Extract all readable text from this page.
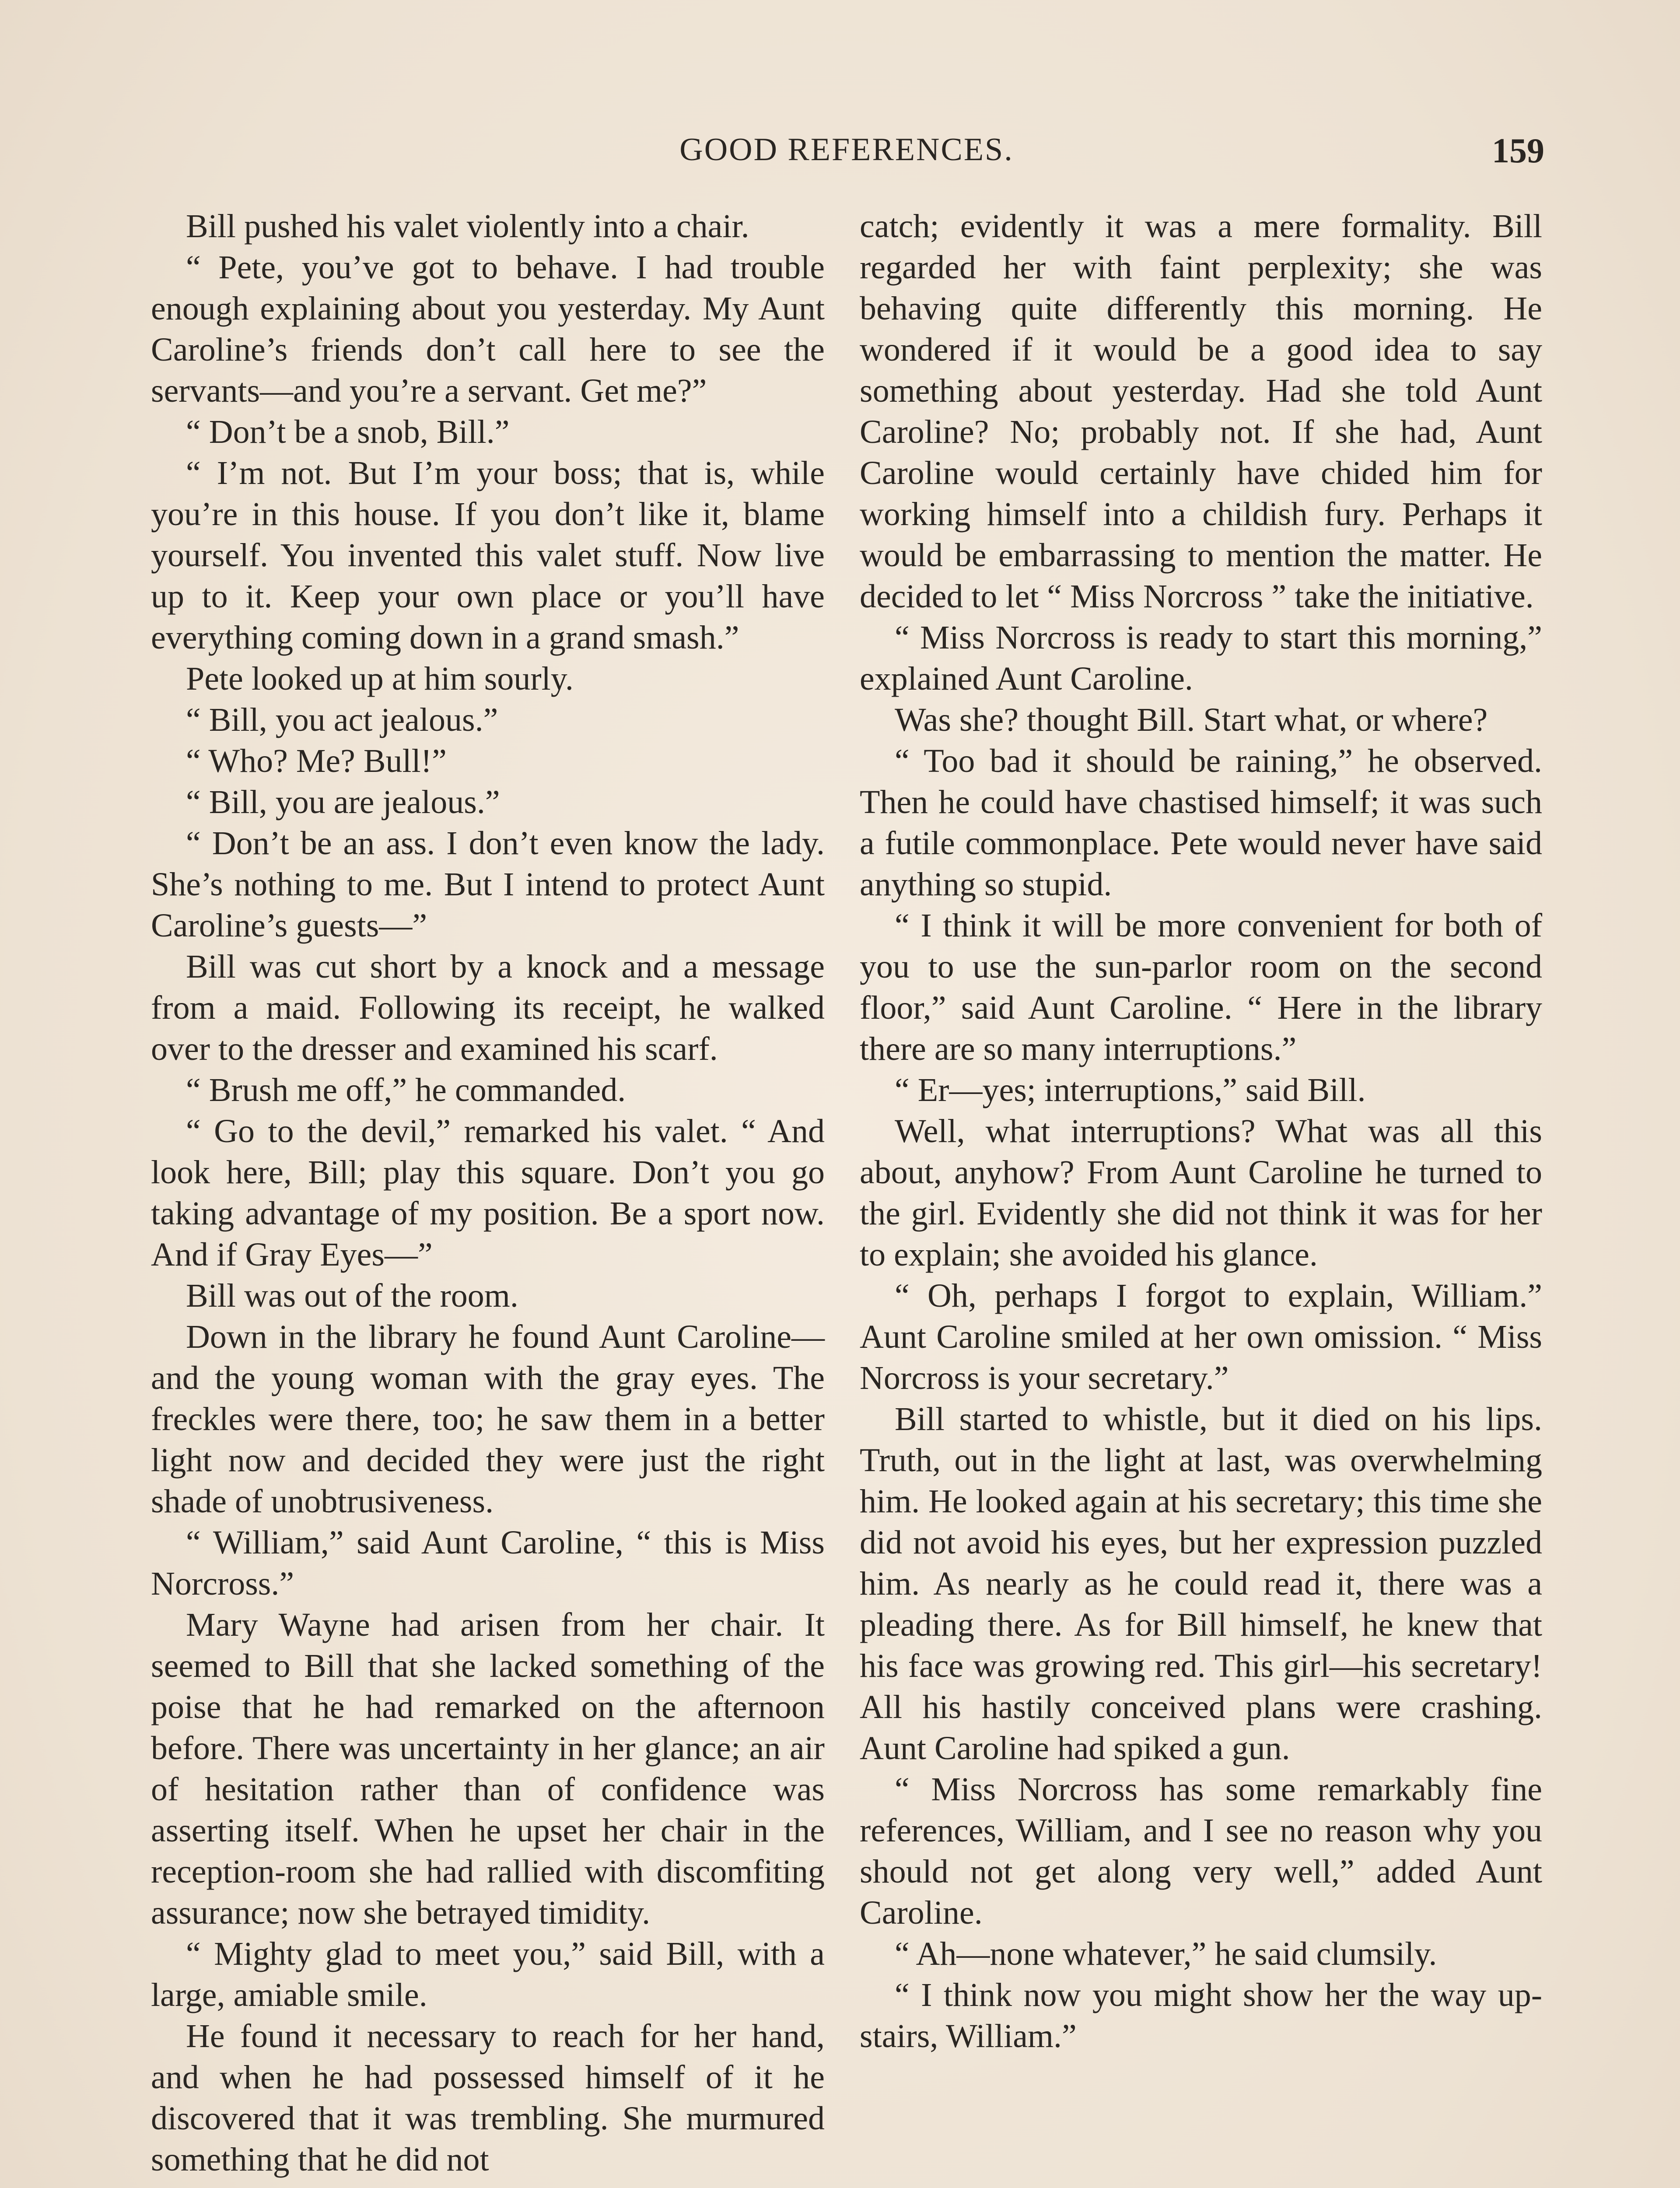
GOOD REFERENCES.	159

Bill pushed his valet violently into a chair.

“ Pete, you’ve got to behave. I had trouble enough explaining about you yesterday. My Aunt Caroline’s friends don’t call here to see the servants—and you’re a servant. Get me?”

“ Don’t be a snob, Bill.”

“ I’m not. But I’m your boss; that is, while you’re in this house. If you don’t like it, blame yourself. You invented this valet stuff. Now live up to it. Keep your own place or you’ll have everything coming down in a grand smash.”

Pete looked up at him sourly.

“ Bill, you act jealous.”

“ Who? Me? Bull!”

“ Bill, you are jealous.”

“ Don’t be an ass. I don’t even know the lady. She’s nothing to me. But I intend to protect Aunt Caroline’s guests—”

Bill was cut short by a knock and a message from a maid. Following its receipt, he walked over to the dresser and examined his scarf.

“ Brush me off,” he commanded.

“ Go to the devil,” remarked his valet. “ And look here, Bill; play this square. Don’t you go taking advantage of my position. Be a sport now. And if Gray Eyes—”

Bill was out of the room.

Down in the library he found Aunt Caroline—and the young woman with the gray eyes. The freckles were there, too; he saw them in a better light now and decided they were just the right shade of unobtrusiveness.

“ William,” said Aunt Caroline, “ this is Miss Norcross.”

Mary Wayne had arisen from her chair. It seemed to Bill that she lacked something of the poise that he had remarked on the afternoon before. There was uncertainty in her glance; an air of hesitation rather than of confidence was asserting itself. When he upset her chair in the reception-room she had rallied with discomfiting assurance; now she betrayed timidity.

“ Mighty glad to meet you,” said Bill, with a large, amiable smile.

He found it necessary to reach for her hand, and when he had possessed himself of it he discovered that it was trembling. She murmured something that he did not

catch; evidently it was a mere formality. Bill regarded her with faint perplexity; she was behaving quite differently this morning. He wondered if it would be a good idea to say something about yesterday. Had she told Aunt Caroline? No; probably not. If she had, Aunt Caroline would certainly have chided him for working himself into a childish fury. Perhaps it would be embarrassing to mention the matter. He decided to let “ Miss Norcross ” take the initiative.

“ Miss Norcross is ready to start this morning,” explained Aunt Caroline.

Was she? thought Bill. Start what, or where?

“ Too bad it should be raining,” he observed. Then he could have chastised himself; it was such a futile commonplace. Pete would never have said anything so stupid.

“ I think it will be more convenient for both of you to use the sun-parlor room on the second floor,” said Aunt Caroline. “ Here in the library there are so many interruptions.”

“ Er—yes; interruptions,” said Bill.

Well, what interruptions? What was all this about, anyhow? From Aunt Caroline he turned to the girl. Evidently she did not think it was for her to explain; she avoided his glance.

“ Oh, perhaps I forgot to explain, William.” Aunt Caroline smiled at her own omission. “ Miss Norcross is your secretary.”

Bill started to whistle, but it died on his lips. Truth, out in the light at last, was overwhelming him. He looked again at his secretary; this time she did not avoid his eyes, but her expression puzzled him. As nearly as he could read it, there was a pleading there. As for Bill himself, he knew that his face was growing red. This girl—his secretary! All his hastily conceived plans were crashing. Aunt Caroline had spiked a gun.

“ Miss Norcross has some remarkably fine references, William, and I see no reason why you should not get along very well,” added Aunt Caroline.

“ Ah—none whatever,” he said clumsily.

“ I think now you might show her the way up-stairs, William.”
